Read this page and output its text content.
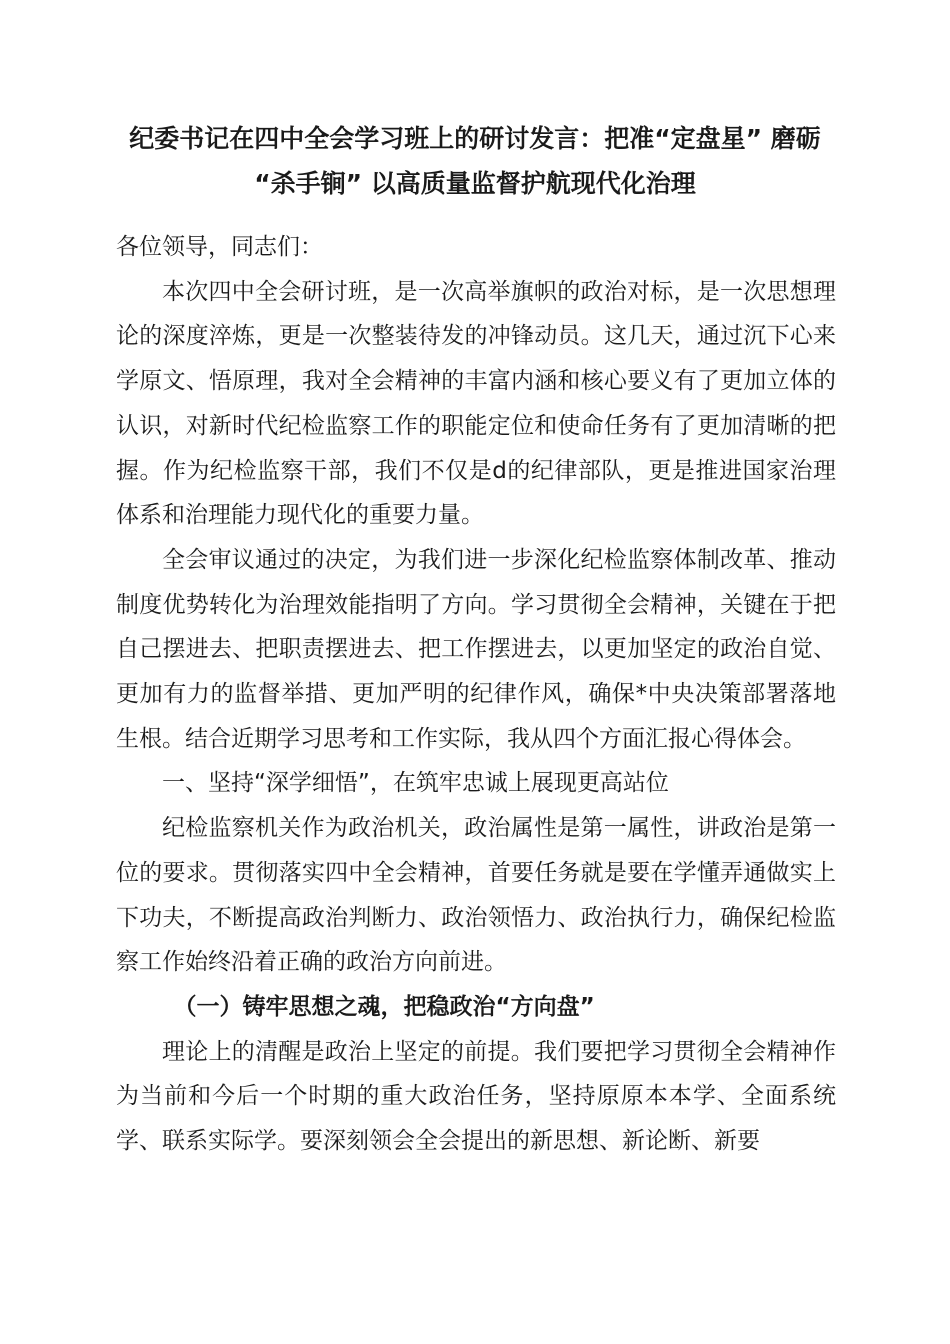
纪委书记在四中全会学习班上的研讨发言：把准“定盘星” 磨砺
“杀手锏” 以高质量监督护航现代化治理

各位领导，同志们：

本次四中全会研讨班，是一次高举旗帜的政治对标，是一次思想理论的深度淬炼，更是一次整装待发的冲锋动员。这几天，通过沉下心来学原文、悟原理，我对全会精神的丰富内涵和核心要义有了更加立体的认识，对新时代纪检监察工作的职能定位和使命任务有了更加清晰的把握。作为纪检监察干部，我们不仅是d的纪律部队，更是推进国家治理体系和治理能力现代化的重要力量。

全会审议通过的决定，为我们进一步深化纪检监察体制改革、推动制度优势转化为治理效能指明了方向。学习贯彻全会精神，关键在于把自己摆进去、把职责摆进去、把工作摆进去，以更加坚定的政治自觉、更加有力的监督举措、更加严明的纪律作风，确保*中央决策部署落地生根。结合近期学习思考和工作实际，我从四个方面汇报心得体会。

一、坚持“深学细悟”，在筑牢忠诚上展现更高站位

纪检监察机关作为政治机关，政治属性是第一属性，讲政治是第一位的要求。贯彻落实四中全会精神，首要任务就是要在学懂弄通做实上下功夫，不断提高政治判断力、政治领悟力、政治执行力，确保纪检监察工作始终沿着正确的政治方向前进。

（一）铸牢思想之魂，把稳政治“方向盘”

理论上的清醒是政治上坚定的前提。我们要把学习贯彻全会精神作为当前和今后一个时期的重大政治任务，坚持原原本本学、全面系统学、联系实际学。要深刻领会全会提出的新思想、新论断、新要
